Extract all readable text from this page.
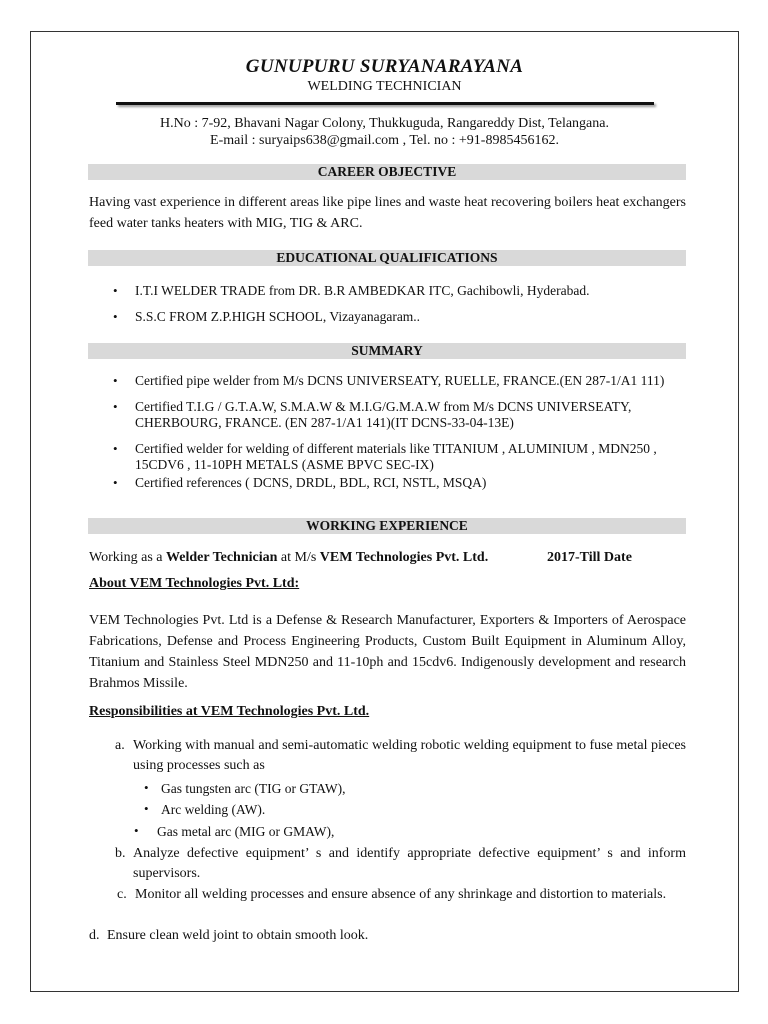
GUNUPURU SURYANARAYANA
WELDING TECHNICIAN
H.No : 7-92, Bhavani Nagar Colony, Thukkuguda, Rangareddy Dist, Telangana.
E-mail : suryaips638@gmail.com , Tel. no : +91-8985456162.
CAREER OBJECTIVE
Having vast experience in different areas like pipe lines and waste heat recovering boilers heat exchangers feed water tanks heaters with MIG, TIG & ARC.
EDUCATIONAL QUALIFICATIONS
• I.T.I WELDER TRADE from DR. B.R AMBEDKAR ITC, Gachibowli, Hyderabad.
• S.S.C FROM Z.P.HIGH SCHOOL, Vizayanagaram..
SUMMARY
• Certified pipe welder from M/s DCNS UNIVERSEATY, RUELLE, FRANCE.(EN 287-1/A1 111)
• Certified T.I.G / G.T.A.W, S.M.A.W & M.I.G/G.M.A.W from M/s DCNS UNIVERSEATY, CHERBOURG, FRANCE. (EN 287-1/A1 141)(IT DCNS-33-04-13E)
• Certified welder for welding of different materials like TITANIUM , ALUMINIUM , MDN250 , 15CDV6 , 11-10PH METALS (ASME BPVC SEC-IX)
• Certified references ( DCNS, DRDL, BDL, RCI, NSTL, MSQA)
WORKING EXPERIENCE
Working as a Welder Technician at M/s VEM Technologies Pvt. Ltd.	2017-Till Date
About VEM Technologies Pvt. Ltd:
VEM Technologies Pvt. Ltd is a Defense & Research Manufacturer, Exporters & Importers of Aerospace Fabrications, Defense and Process Engineering Products, Custom Built Equipment in Aluminum Alloy, Titanium and Stainless Steel MDN250 and 11-10ph and 15cdv6. Indigenously development and research Brahmos Missile.
Responsibilities at VEM Technologies Pvt. Ltd.
a. Working with manual and semi-automatic welding robotic welding equipment to fuse metal pieces using processes such as
• Gas tungsten arc (TIG or GTAW),
• Arc welding (AW).
• Gas metal arc (MIG or GMAW),
b. Analyze defective equipment’ s and identify appropriate defective equipment’ s and inform supervisors.
c. Monitor all welding processes and ensure absence of any shrinkage and distortion to materials.
d. Ensure clean weld joint to obtain smooth look.
